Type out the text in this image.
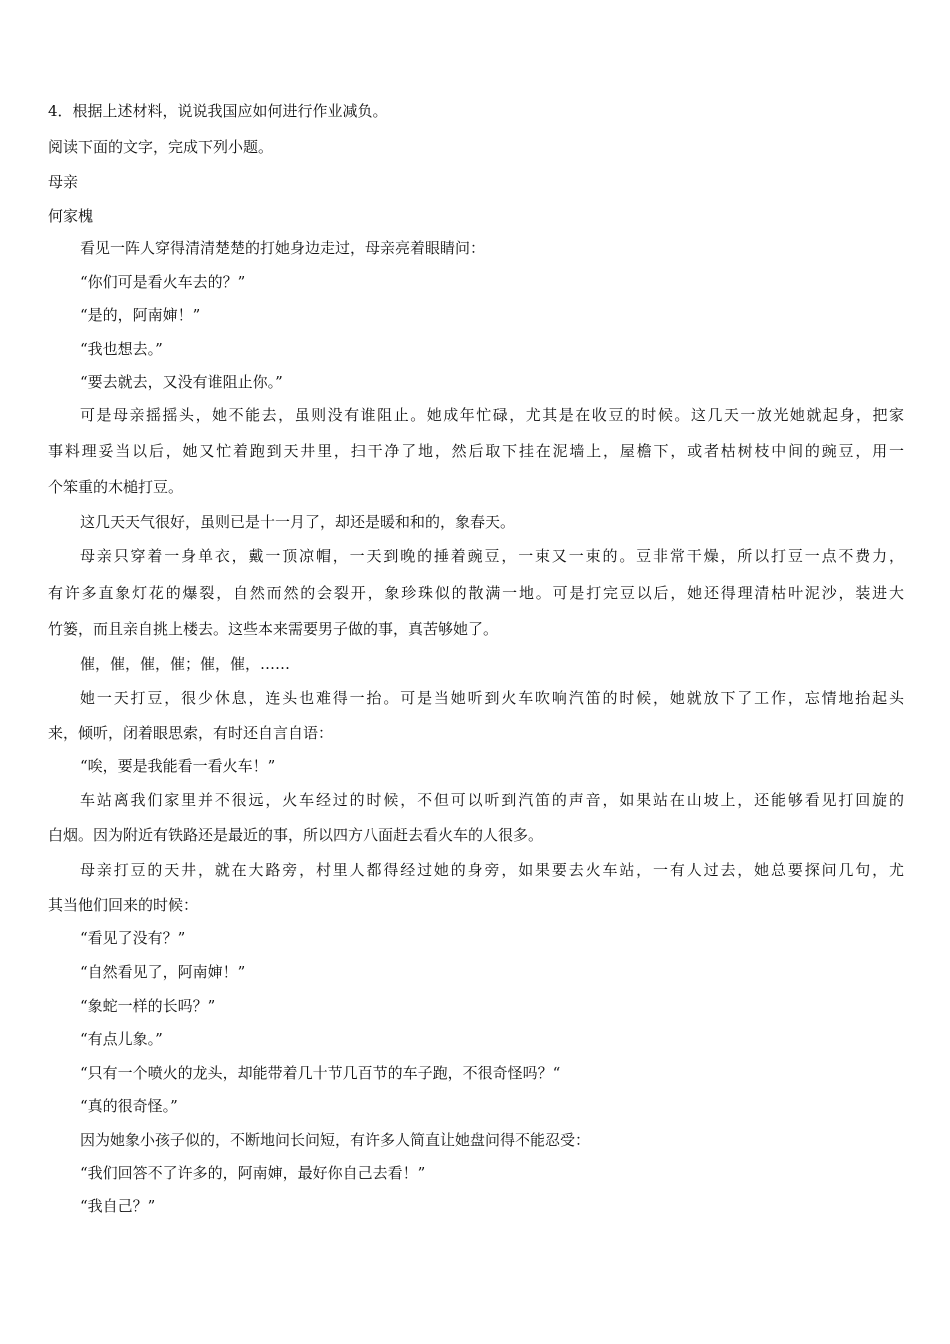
4．根据上述材料，说说我国应如何进行作业减负。
阅读下面的文字，完成下列小题。
母亲
何家槐
看见一阵人穿得清清楚楚的打她身边走过，母亲亮着眼睛问：
“你们可是看火车去的？”
“是的，阿南婶！”
“我也想去。”
“要去就去，又没有谁阻止你。”
可是母亲摇摇头，她不能去，虽则没有谁阻止。她成年忙碌，尤其是在收豆的时候。这几天一放光她就起身，把家
事料理妥当以后，她又忙着跑到天井里，扫干净了地，然后取下挂在泥墙上，屋檐下，或者枯树枝中间的豌豆，用一
个笨重的木槌打豆。
这几天天气很好，虽则已是十一月了，却还是暖和和的，象春天。
母亲只穿着一身单衣，戴一顶凉帽，一天到晚的捶着豌豆，一束又一束的。豆非常干燥，所以打豆一点不费力，
有许多直象灯花的爆裂，自然而然的会裂开，象珍珠似的散满一地。可是打完豆以后，她还得理清枯叶泥沙，装进大
竹篓，而且亲自挑上楼去。这些本来需要男子做的事，真苦够她了。
催，催，催，催；催，催，……
她一天打豆，很少休息，连头也难得一抬。可是当她听到火车吹响汽笛的时候，她就放下了工作，忘情地抬起头
来，倾听，闭着眼思索，有时还自言自语：
“唉，要是我能看一看火车！”
车站离我们家里并不很远，火车经过的时候，不但可以听到汽笛的声音，如果站在山坡上，还能够看见打回旋的
白烟。因为附近有铁路还是最近的事，所以四方八面赶去看火车的人很多。
母亲打豆的天井，就在大路旁，村里人都得经过她的身旁，如果要去火车站，一有人过去，她总要探问几句，尤
其当他们回来的时候：
“看见了没有？”
“自然看见了，阿南婶！”
“象蛇一样的长吗？”
“有点儿象。”
“只有一个喷火的龙头，却能带着几十节几百节的车子跑，不很奇怪吗？“
“真的很奇怪。”
因为她象小孩子似的，不断地问长问短，有许多人简直让她盘问得不能忍受：
“我们回答不了许多的，阿南婶，最好你自己去看！”
“我自己？”
